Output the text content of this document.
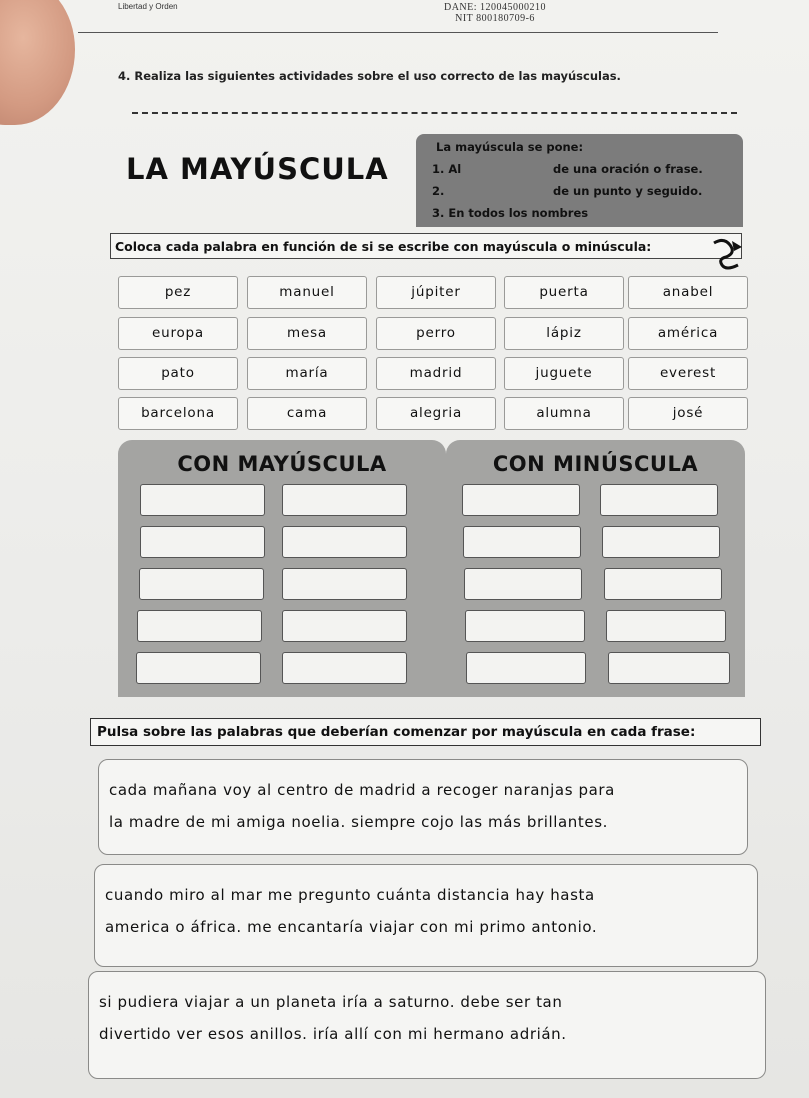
Libertad y Orden	DANE: 120045000210
NIT 800180709-6
4. Realiza las siguientes actividades sobre el uso correcto de las mayúsculas.
LA MAYÚSCULA
La mayúscula se pone:
1. Al	de una oración o frase.
2.	de un punto y seguido.
3. En todos los nombres
Coloca cada palabra en función de si se escribe con mayúscula o minúscula:
pez	manuel	júpiter	puerta	anabel
europa	mesa	perro	lápiz	américa
pato	maría	madrid	juguete	everest
barcelona	cama	alegria	alumna	josé
CON MAYÚSCULA	CON MINÚSCULA
Pulsa sobre las palabras que deberían comenzar por mayúscula en cada frase:
cada mañana voy al centro de madrid a recoger naranjas para
la madre de mi amiga noelia. siempre cojo las más brillantes.
cuando miro al mar me pregunto cuánta distancia hay hasta
america o áfrica. me encantaría viajar con mi primo antonio.
si pudiera viajar a un planeta iría a saturno. debe ser tan
divertido ver esos anillos. iría allí con mi hermano adrián.
